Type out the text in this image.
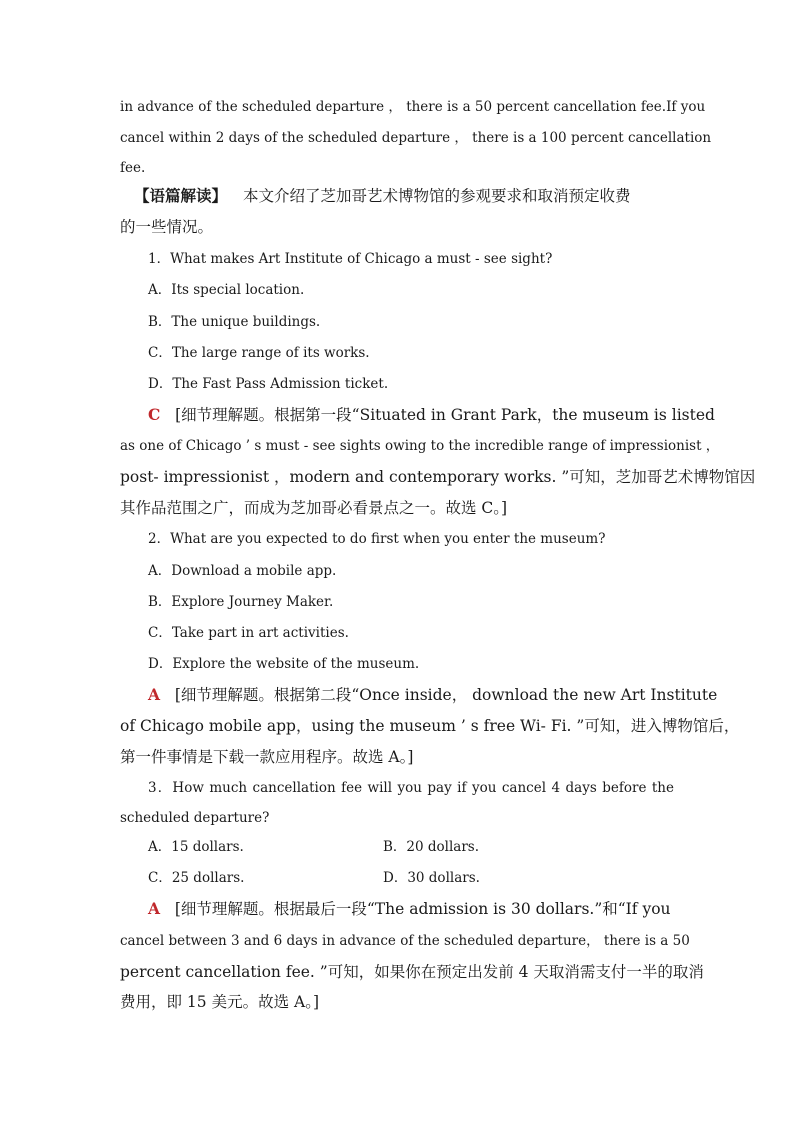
in advance of the scheduled departure ， there is a 50 percent cancellation fee.If you
cancel within 2 days of the scheduled departure ， there is a 100 percent cancellation
fee.
【语篇解读】 本文介绍了芝加哥艺术博物馆的参观要求和取消预定收费
的一些情况。
1．What makes Art Institute of Chicago a must - see sight?
A．Its special location.
B．The unique buildings.
C．The large range of its works.
D．The Fast Pass Admission ticket.
C [细节理解题。根据第一段“Situated in Grant Park，the museum is listed
as one of Chicago ’ s must - see sights owing to the incredible range of impressionist ，
post- impressionist ，modern and contemporary works. ”可知，芝加哥艺术博物馆因
其作品范围之广，而成为芝加哥必看景点之一。故选 C。]
2．What are you expected to do first when you enter the museum?
A．Download a mobile app.
B．Explore Journey Maker.
C．Take part in art activities.
D．Explore the website of the museum.
A [细节理解题。根据第二段“Once inside， download the new Art Institute
of Chicago mobile app，using the museum ’ s free Wi- Fi. ”可知，进入博物馆后，
第一件事情是下载一款应用程序。故选 A。]
3．How much cancellation fee will you pay if you cancel 4 days before the
scheduled departure?
A．15 dollars.	B．20 dollars.
C．25 dollars.	D．30 dollars.
A [细节理解题。根据最后一段“The admission is 30 dollars.”和“If you
cancel between 3 and 6 days in advance of the scheduled departure， there is a 50
percent cancellation fee. ”可知，如果你在预定出发前 4 天取消需支付一半的取消
费用，即 15 美元。故选 A。]
